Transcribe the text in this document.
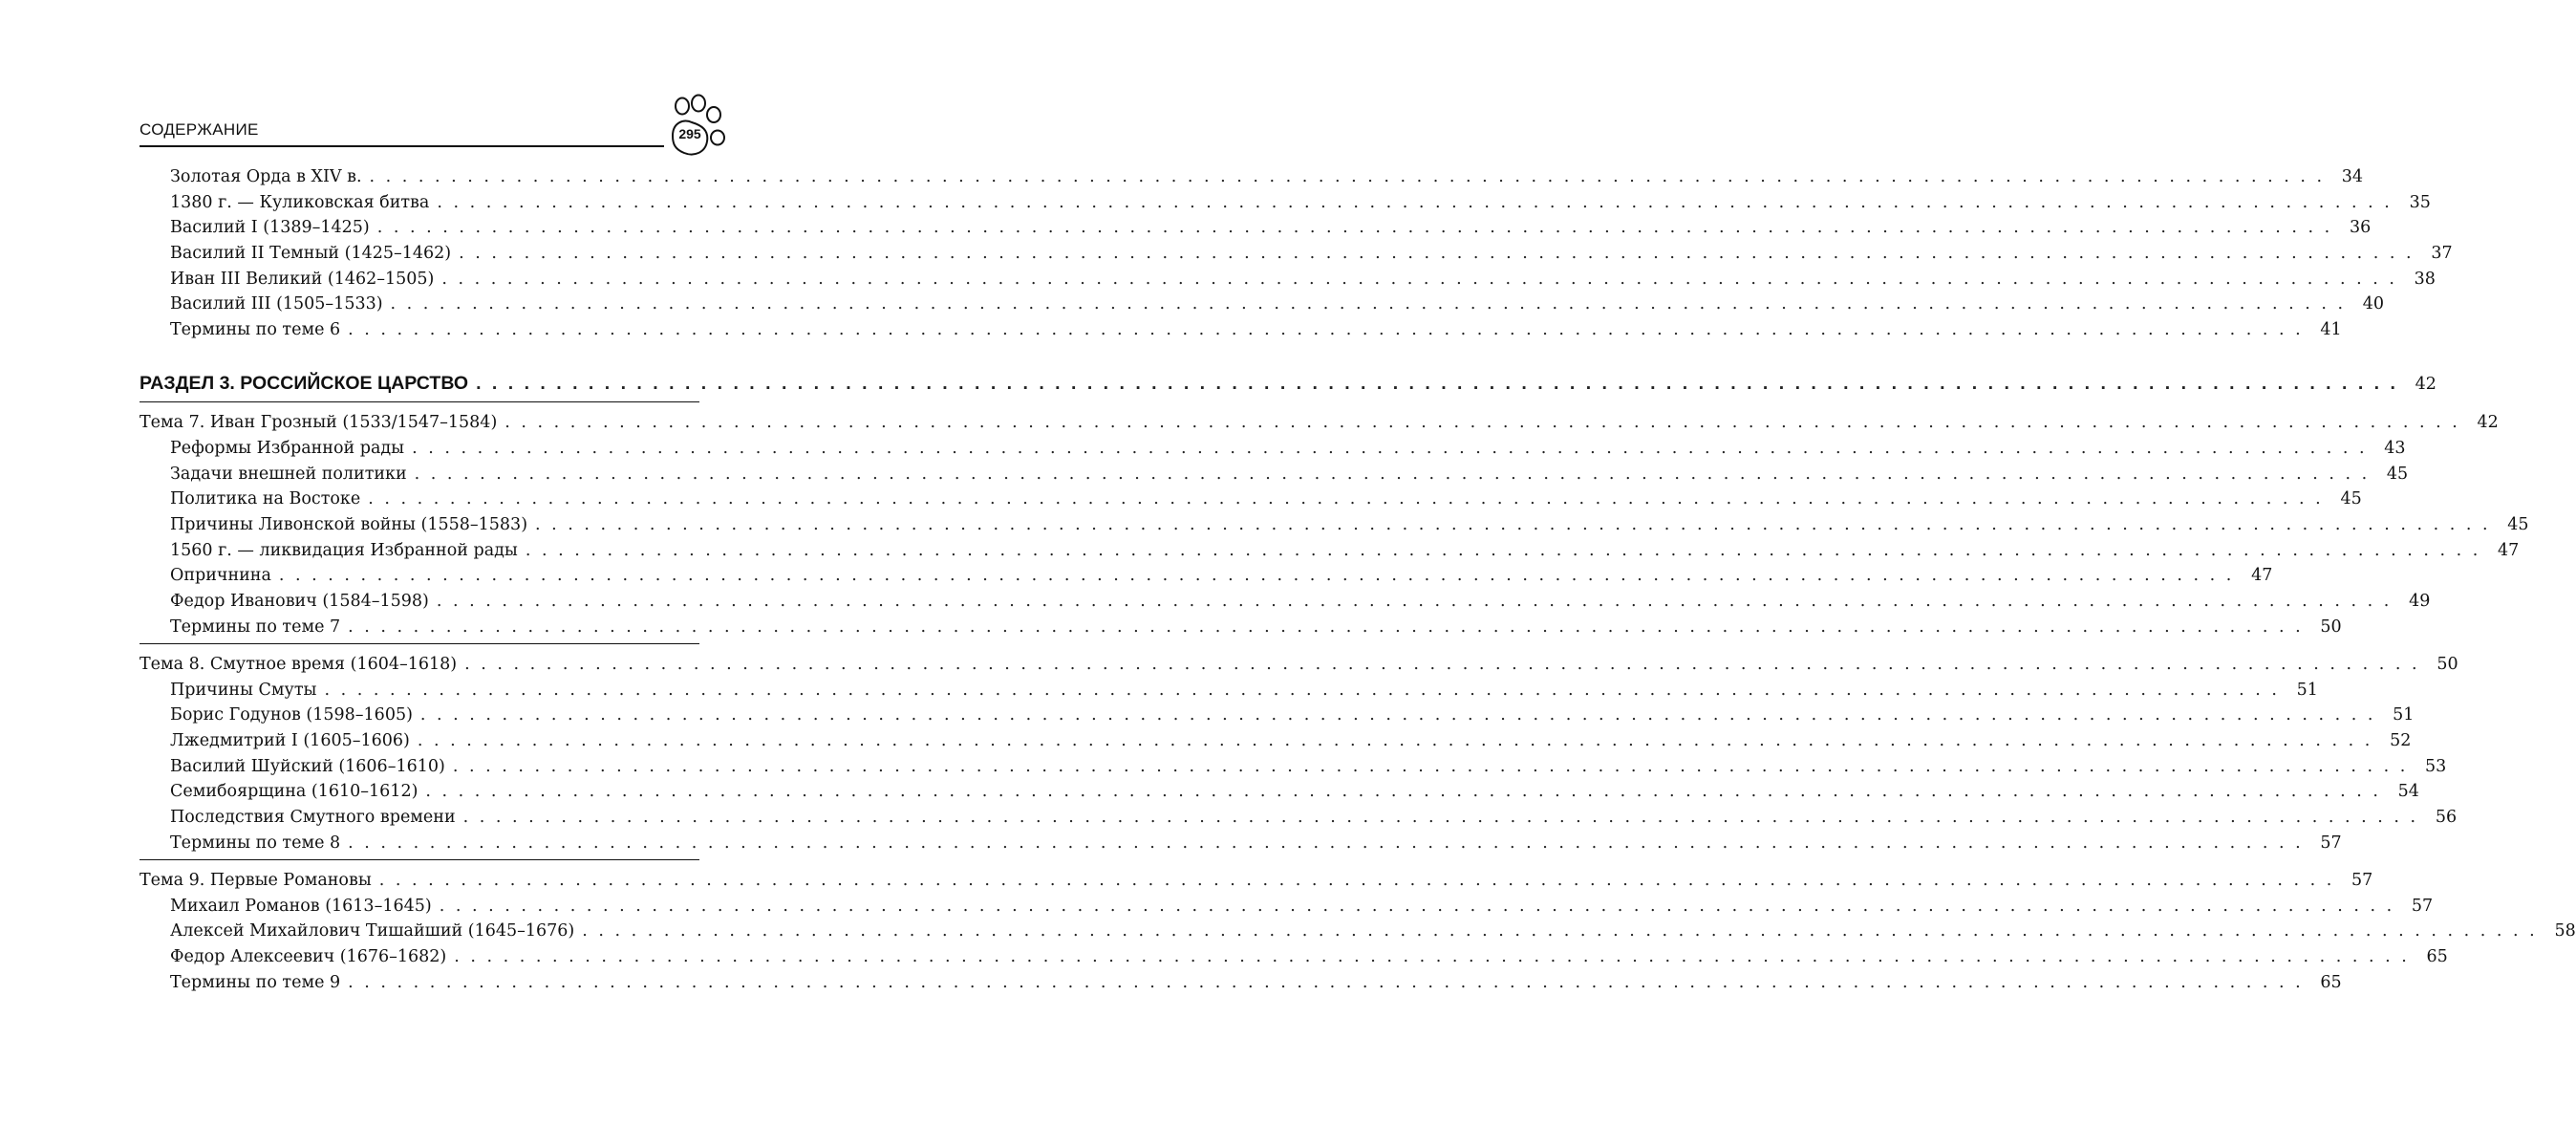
СОДЕРЖАНИЕ	295
Золотая Орда в XIV в. . . . . . . . . . . . . . . . . . . . . . . . . . . . . . . . . . . . . . . . . . . . . . . . . . . . . . . . . . . . . . . . . . . . . . . . . . . . . . . . . . . . . . . . . . . . . . . . . . . . . . . . . . . . . . . . . . . . . . . . .	34
1380 г. — Куликовская битва . . . . . . . . . . . . . . . . . . . . . . . . . . . . . . . . . . . . . . . . . . . . . . . . . . . . . . . . . . . . . . . . . . . . . . . . . . . . . . . . . . . . . . . . . . . . . . . . . . . . . . . . . . . . . . . . . . . . . . . .	35
Василий I (1389–1425) . . . . . . . . . . . . . . . . . . . . . . . . . . . . . . . . . . . . . . . . . . . . . . . . . . . . . . . . . . . . . . . . . . . . . . . . . . . . . . . . . . . . . . . . . . . . . . . . . . . . . . . . . . . . . . . . . . . . . . . .	36
Василий II Темный (1425–1462) . . . . . . . . . . . . . . . . . . . . . . . . . . . . . . . . . . . . . . . . . . . . . . . . . . . . . . . . . . . . . . . . . . . . . . . . . . . . . . . . . . . . . . . . . . . . . . . . . . . . . . . . . . . . . . . . . . . . . . . .	37
Иван III Великий (1462–1505) . . . . . . . . . . . . . . . . . . . . . . . . . . . . . . . . . . . . . . . . . . . . . . . . . . . . . . . . . . . . . . . . . . . . . . . . . . . . . . . . . . . . . . . . . . . . . . . . . . . . . . . . . . . . . . . . . . . . . . . .	38
Василий III (1505–1533) . . . . . . . . . . . . . . . . . . . . . . . . . . . . . . . . . . . . . . . . . . . . . . . . . . . . . . . . . . . . . . . . . . . . . . . . . . . . . . . . . . . . . . . . . . . . . . . . . . . . . . . . . . . . . . . . . . . . . . . .	40
Термины по теме 6 . . . . . . . . . . . . . . . . . . . . . . . . . . . . . . . . . . . . . . . . . . . . . . . . . . . . . . . . . . . . . . . . . . . . . . . . . . . . . . . . . . . . . . . . . . . . . . . . . . . . . . . . . . . . . . . . . . . . . . . .	41
РАЗДЕЛ 3. РОССИЙСКОЕ ЦАРСТВО . . . . . . . . . . . . . . . . . . . . . . . . . . . . . . . . . . . . . . . . . . . . . . . . . . . . . . . . . . . . . . . . . . . . . . . . . . . . . . . . . . . . . . . . . . . . . . . . . . . . . . . . . . . . . . . . . . . . . . . .	42
Тема 7. Иван Грозный (1533/1547–1584) . . . . . . . . . . . . . . . . . . . . . . . . . . . . . . . . . . . . . . . . . . . . . . . . . . . . . . . . . . . . . . . . . . . . . . . . . . . . . . . . . . . . . . . . . . . . . . . . . . . . . . . . . . . . . . . . . . . . . . . .	42
Реформы Избранной рады . . . . . . . . . . . . . . . . . . . . . . . . . . . . . . . . . . . . . . . . . . . . . . . . . . . . . . . . . . . . . . . . . . . . . . . . . . . . . . . . . . . . . . . . . . . . . . . . . . . . . . . . . . . . . . . . . . . . . . . .	43
Задачи внешней политики . . . . . . . . . . . . . . . . . . . . . . . . . . . . . . . . . . . . . . . . . . . . . . . . . . . . . . . . . . . . . . . . . . . . . . . . . . . . . . . . . . . . . . . . . . . . . . . . . . . . . . . . . . . . . . . . . . . . . . . .	45
Политика на Востоке . . . . . . . . . . . . . . . . . . . . . . . . . . . . . . . . . . . . . . . . . . . . . . . . . . . . . . . . . . . . . . . . . . . . . . . . . . . . . . . . . . . . . . . . . . . . . . . . . . . . . . . . . . . . . . . . . . . . . . . .	45
Причины Ливонской войны (1558–1583) . . . . . . . . . . . . . . . . . . . . . . . . . . . . . . . . . . . . . . . . . . . . . . . . . . . . . . . . . . . . . . . . . . . . . . . . . . . . . . . . . . . . . . . . . . . . . . . . . . . . . . . . . . . . . . . . . . . . . . . .	45
1560 г. — ликвидация Избранной рады . . . . . . . . . . . . . . . . . . . . . . . . . . . . . . . . . . . . . . . . . . . . . . . . . . . . . . . . . . . . . . . . . . . . . . . . . . . . . . . . . . . . . . . . . . . . . . . . . . . . . . . . . . . . . . . . . . . . . . . .	47
Опричнина . . . . . . . . . . . . . . . . . . . . . . . . . . . . . . . . . . . . . . . . . . . . . . . . . . . . . . . . . . . . . . . . . . . . . . . . . . . . . . . . . . . . . . . . . . . . . . . . . . . . . . . . . . . . . . . . . . . . . . . .	47
Федор Иванович (1584–1598) . . . . . . . . . . . . . . . . . . . . . . . . . . . . . . . . . . . . . . . . . . . . . . . . . . . . . . . . . . . . . . . . . . . . . . . . . . . . . . . . . . . . . . . . . . . . . . . . . . . . . . . . . . . . . . . . . . . . . . . .	49
Термины по теме 7 . . . . . . . . . . . . . . . . . . . . . . . . . . . . . . . . . . . . . . . . . . . . . . . . . . . . . . . . . . . . . . . . . . . . . . . . . . . . . . . . . . . . . . . . . . . . . . . . . . . . . . . . . . . . . . . . . . . . . . . .	50
Тема 8. Смутное время (1604–1618) . . . . . . . . . . . . . . . . . . . . . . . . . . . . . . . . . . . . . . . . . . . . . . . . . . . . . . . . . . . . . . . . . . . . . . . . . . . . . . . . . . . . . . . . . . . . . . . . . . . . . . . . . . . . . . . . . . . . . . . .	50
Причины Смуты . . . . . . . . . . . . . . . . . . . . . . . . . . . . . . . . . . . . . . . . . . . . . . . . . . . . . . . . . . . . . . . . . . . . . . . . . . . . . . . . . . . . . . . . . . . . . . . . . . . . . . . . . . . . . . . . . . . . . . . .	51
Борис Годунов (1598–1605) . . . . . . . . . . . . . . . . . . . . . . . . . . . . . . . . . . . . . . . . . . . . . . . . . . . . . . . . . . . . . . . . . . . . . . . . . . . . . . . . . . . . . . . . . . . . . . . . . . . . . . . . . . . . . . . . . . . . . . . .	51
Лжедмитрий I (1605–1606) . . . . . . . . . . . . . . . . . . . . . . . . . . . . . . . . . . . . . . . . . . . . . . . . . . . . . . . . . . . . . . . . . . . . . . . . . . . . . . . . . . . . . . . . . . . . . . . . . . . . . . . . . . . . . . . . . . . . . . . .	52
Василий Шуйский (1606–1610) . . . . . . . . . . . . . . . . . . . . . . . . . . . . . . . . . . . . . . . . . . . . . . . . . . . . . . . . . . . . . . . . . . . . . . . . . . . . . . . . . . . . . . . . . . . . . . . . . . . . . . . . . . . . . . . . . . . . . . . .	53
Семибоярщина (1610–1612) . . . . . . . . . . . . . . . . . . . . . . . . . . . . . . . . . . . . . . . . . . . . . . . . . . . . . . . . . . . . . . . . . . . . . . . . . . . . . . . . . . . . . . . . . . . . . . . . . . . . . . . . . . . . . . . . . . . . . . . .	54
Последствия Смутного времени . . . . . . . . . . . . . . . . . . . . . . . . . . . . . . . . . . . . . . . . . . . . . . . . . . . . . . . . . . . . . . . . . . . . . . . . . . . . . . . . . . . . . . . . . . . . . . . . . . . . . . . . . . . . . . . . . . . . . . . .	56
Термины по теме 8 . . . . . . . . . . . . . . . . . . . . . . . . . . . . . . . . . . . . . . . . . . . . . . . . . . . . . . . . . . . . . . . . . . . . . . . . . . . . . . . . . . . . . . . . . . . . . . . . . . . . . . . . . . . . . . . . . . . . . . . .	57
Тема 9. Первые Романовы . . . . . . . . . . . . . . . . . . . . . . . . . . . . . . . . . . . . . . . . . . . . . . . . . . . . . . . . . . . . . . . . . . . . . . . . . . . . . . . . . . . . . . . . . . . . . . . . . . . . . . . . . . . . . . . . . . . . . . . .	57
Михаил Романов (1613–1645) . . . . . . . . . . . . . . . . . . . . . . . . . . . . . . . . . . . . . . . . . . . . . . . . . . . . . . . . . . . . . . . . . . . . . . . . . . . . . . . . . . . . . . . . . . . . . . . . . . . . . . . . . . . . . . . . . . . . . . . .	57
Алексей Михайлович Тишайший (1645–1676) . . . . . . . . . . . . . . . . . . . . . . . . . . . . . . . . . . . . . . . . . . . . . . . . . . . . . . . . . . . . . . . . . . . . . . . . . . . . . . . . . . . . . . . . . . . . . . . . . . . . . . . . . . . . . . . . . . . . . . . .	58
Федор Алексеевич (1676–1682) . . . . . . . . . . . . . . . . . . . . . . . . . . . . . . . . . . . . . . . . . . . . . . . . . . . . . . . . . . . . . . . . . . . . . . . . . . . . . . . . . . . . . . . . . . . . . . . . . . . . . . . . . . . . . . . . . . . . . . . .	65
Термины по теме 9 . . . . . . . . . . . . . . . . . . . . . . . . . . . . . . . . . . . . . . . . . . . . . . . . . . . . . . . . . . . . . . . . . . . . . . . . . . . . . . . . . . . . . . . . . . . . . . . . . . . . . . . . . . . . . . . . . . . . . . . .	65
